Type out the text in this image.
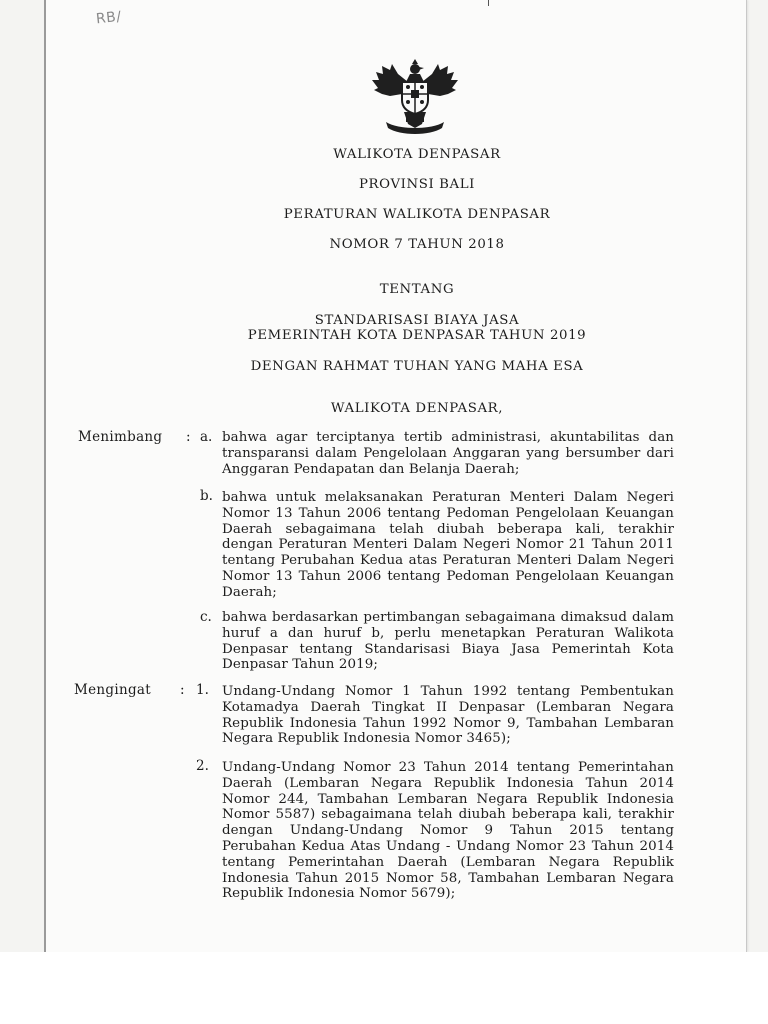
RB/
WALIKOTA DENPASAR
PROVINSI BALI
PERATURAN WALIKOTA DENPASAR
NOMOR 7 TAHUN 2018
TENTANG
STANDARISASI BIAYA JASA
PEMERINTAH KOTA DENPASAR TAHUN 2019
DENGAN RAHMAT TUHAN YANG MAHA ESA
WALIKOTA DENPASAR,
Menimbang : a. bahwa agar terciptanya tertib administrasi, akuntabilitas dan transparansi dalam Pengelolaan Anggaran yang bersumber dari Anggaran Pendapatan dan Belanja Daerah;
b. bahwa untuk melaksanakan Peraturan Menteri Dalam Negeri Nomor 13 Tahun 2006 tentang Pedoman Pengelolaan Keuangan Daerah sebagaimana telah diubah beberapa kali, terakhir dengan Peraturan Menteri Dalam Negeri Nomor 21 Tahun 2011 tentang Perubahan Kedua atas Peraturan Menteri Dalam Negeri Nomor 13 Tahun 2006 tentang Pedoman Pengelolaan Keuangan Daerah;
c. bahwa berdasarkan pertimbangan sebagaimana dimaksud dalam huruf a dan huruf b, perlu menetapkan Peraturan Walikota Denpasar tentang Standarisasi Biaya Jasa Pemerintah Kota Denpasar Tahun 2019;
Mengingat : 1. Undang-Undang Nomor 1 Tahun 1992 tentang Pembentukan Kotamadya Daerah Tingkat II Denpasar (Lembaran Negara Republik Indonesia Tahun 1992 Nomor 9, Tambahan Lembaran Negara Republik Indonesia Nomor 3465);
2. Undang-Undang Nomor 23 Tahun 2014 tentang Pemerintahan Daerah (Lembaran Negara Republik Indonesia Tahun 2014 Nomor 244, Tambahan Lembaran Negara Republik Indonesia Nomor 5587) sebagaimana telah diubah beberapa kali, terakhir dengan Undang-Undang Nomor 9 Tahun 2015 tentang Perubahan Kedua Atas Undang - Undang Nomor 23 Tahun 2014 tentang Pemerintahan Daerah (Lembaran Negara Republik Indonesia Tahun 2015 Nomor 58, Tambahan Lembaran Negara Republik Indonesia Nomor 5679);
